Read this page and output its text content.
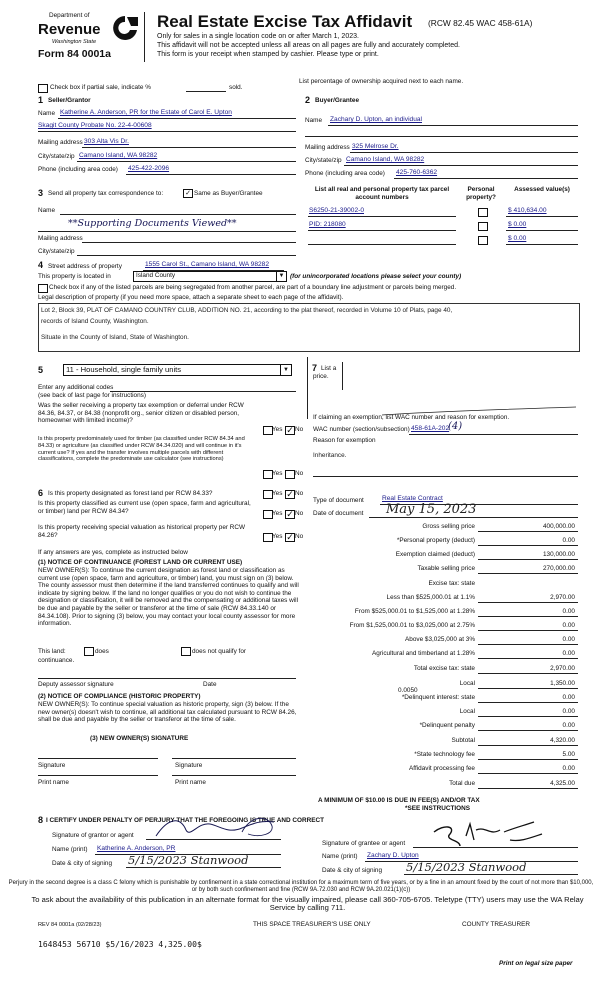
Department of
Revenue
Washington State
Form 84 0001a
Real Estate Excise Tax Affidavit (RCW 82.45 WAC 458-61A)
Only for sales in a single location code on or after March 1, 2023.
This affidavit will not be accepted unless all areas on all pages are fully and accurately completed.
This form is your receipt when stamped by cashier. Please type or print.
Check box if partial sale, indicate %	sold.
List percentage of ownership acquired next to each name.
1 Seller/Grantor
Name Katherine A. Anderson, PR for the Estate of Carol E. Upton
Skagit County Probate No. 22-4-00608
Mailing address 303 Alta Vis Dr.
City/state/zip Camano Island, WA 98282
Phone (including area code) 425-422-2096
2 Buyer/Grantee
Name Zachary D. Upton, an individual
Mailing address 325 Melrose Dr.
City/state/zip Camano Island, WA 98282
Phone (including area code) 425-760-6362
3 Send all property tax correspondence to:	✓ Same as Buyer/Grantee
Name
**Supporting Documents Viewed**
Mailing address
City/state/zip
List all real and personal property tax parcel account numbers
Personal property?
Assessed value(s)
S6250-21-39002-0	$ 410,634.00
PID: 218080	$ 0.00
$ 0.00
4 Street address of property	1555 Carol St., Camano Island, WA 98282
This property is located in	Island County	▼ (for unincorporated locations please select your county)
Check box if any of the listed parcels are being segregated from another parcel, are part of a boundary line adjustment or parcels being merged.
Legal description of property (if you need more space, attach a separate sheet to each page of the affidavit).
Lot 2, Block 39, PLAT OF CAMANO COUNTRY CLUB, ADDITION NO. 21, according to the plat thereof, recorded in Volume 10 of Plats, page 40,
records of Island County, Washington.
Situate in the County of Island, State of Washington.
5	11 - Household, single family units	▼	7 List a
price.
Enter any additional codes
(see back of last page for instructions)
Was the seller receiving a property tax exemption or deferral under RCW 84.36, 84.37, or 84.38 (nonprofit org., senior citizen or disabled person, homeowner with limited income)?
Yes ✓ No
Is this property predominately used for timber (as classified under RCW 84.34 and 84.33) or agriculture (as classified under RCW 84.34.020) and will continue in it's current use? If yes and the transfer involves multiple parcels with different classifications, complete the predominate use calculator (see instructions)
Yes No
If claiming an exemption, list WAC number and reason for exemption.
WAC number (section/subsection) 458-61A-202
(4)
Reason for exemption
Inheritance.
6 Is this property designated as forest land per RCW 84.33?	Yes ✓ No
Is this property classified as current use (open space, farm and agricultural, or timber) land per RCW 84.34?	Yes ✓ No
Is this property receiving special valuation as historical property per RCW 84.26?	Yes ✓ No
If any answers are yes, complete as instructed below
(1) NOTICE OF CONTINUANCE (FOREST LAND OR CURRENT USE)
NEW OWNER(S): To continue the current designation as forest land or classification as current use (open space, farm and agriculture, or timber) land, you must sign on (3) below. The county assessor must then determine if the land transferred continues to qualify and will indicate by signing below. If the land no longer qualifies or you do not wish to continue the designation or classification, it will be removed and the compensating or additional taxes will be due and payable by the seller or transferor at the time of sale (RCW 84.33.140 or 84.34.108). Prior to signing (3) below, you may contact your local county assessor for more information.
This land:	does	does not qualify for
continuance.
Deputy assessor signature	Date
(2) NOTICE OF COMPLIANCE (HISTORIC PROPERTY)
NEW OWNER(S): To continue special valuation as historic property, sign (3) below. If the new owner(s) doesn't wish to continue, all additional tax calculated pursuant to RCW 84.26, shall be due and payable by the seller or transferor at the time of sale.
(3) NEW OWNER(S) SIGNATURE
Signature	Signature
Print name	Print name
Type of document	Real Estate Contract
Date of document May 15, 2023
Gross selling price	400,000.00
*Personal property (deduct)	0.00
Exemption claimed (deduct)	130,000.00
Taxable selling price	270,000.00
Excise tax: state
Less than $525,000.01 at 1.1%	2,970.00
From $525,000.01 to $1,525,000 at 1.28%	0.00
From $1,525,000.01 to $3,025,000 at 2.75%	0.00
Above $3,025,000 at 3%	0.00
Agricultural and timberland at 1.28%	0.00
Total excise tax: state	2,970.00
Local	1,350.00
*Delinquent interest: state	0.00
Local	0.00
*Delinquent penalty	0.00
Subtotal	4,320.00
*State technology fee	5.00
Affidavit processing fee	0.00
Total due	4,325.00
0.0050
A MINIMUM OF $10.00 IS DUE IN FEE(S) AND/OR TAX
*SEE INSTRUCTIONS
8 I CERTIFY UNDER PENALTY OF PERJURY THAT THE FOREGOING IS TRUE AND CORRECT
Signature of grantor or agent
Name (print) Katherine A. Anderson, PR
Date & city of signing 5/15/2023 Stanwood
Signature of grantee or agent
Name (print) Zachary D. Upton
Date & city of signing 5/15/2023 Stanwood
Perjury in the second degree is a class C felony which is punishable by confinement in a state correctional institution for a maximum term of five years, or by a fine in an amount fixed by the court of not more than $10,000, or by both such confinement and fine (RCW 9A.72.030 and RCW 9A.20.021(1)(c))
To ask about the availability of this publication in an alternate format for the visually impaired, please call 360-705-6705. Teletype (TTY) users may use the WA Relay Service by calling 711.
REV 84 0001a (02/28/23)	THIS SPACE TREASURER'S USE ONLY	COUNTY TREASURER
1648453 56710 $5/16/2023 4,325.00$
Print on legal size paper
